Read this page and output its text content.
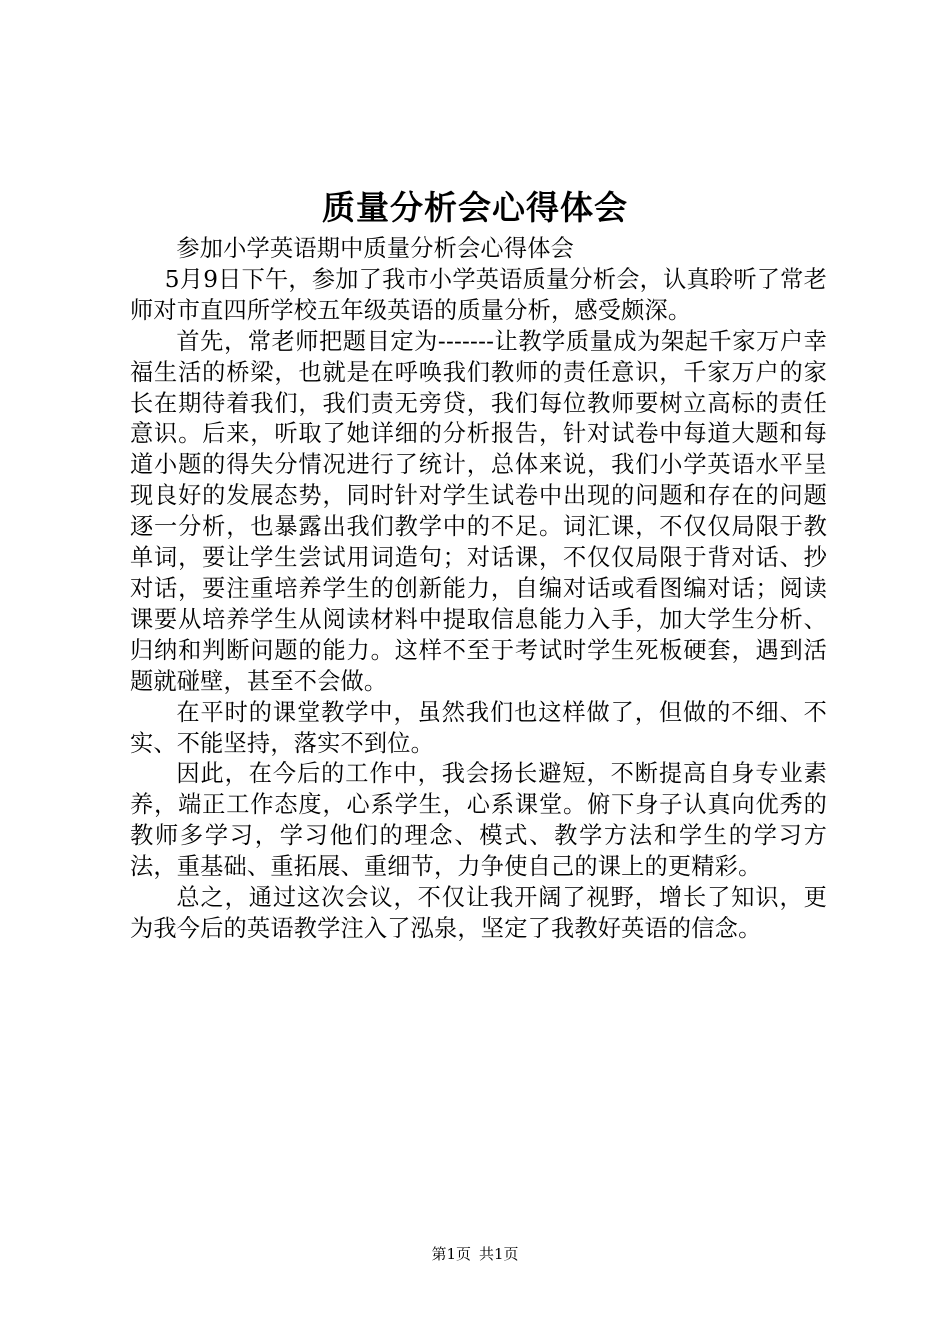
质量分析会心得体会

参加小学英语期中质量分析会心得体会

5月9日下午，参加了我市小学英语质量分析会，认真聆听了常老师对市直四所学校五年级英语的质量分析，感受颇深。

首先，常老师把题目定为-------让教学质量成为架起千家万户幸福生活的桥梁，也就是在呼唤我们教师的责任意识，千家万户的家长在期待着我们，我们责无旁贷，我们每位教师要树立高标的责任意识。后来，听取了她详细的分析报告，针对试卷中每道大题和每道小题的得失分情况进行了统计，总体来说，我们小学英语水平呈现良好的发展态势，同时针对学生试卷中出现的问题和存在的问题逐一分析，也暴露出我们教学中的不足。词汇课，不仅仅局限于教单词，要让学生尝试用词造句；对话课，不仅仅局限于背对话、抄对话，要注重培养学生的创新能力，自编对话或看图编对话；阅读课要从培养学生从阅读材料中提取信息能力入手，加大学生分析、归纳和判断问题的能力。这样不至于考试时学生死板硬套，遇到活题就碰壁，甚至不会做。

在平时的课堂教学中，虽然我们也这样做了，但做的不细、不实、不能坚持，落实不到位。

因此，在今后的工作中，我会扬长避短，不断提高自身专业素养，端正工作态度，心系学生，心系课堂。俯下身子认真向优秀的教师多学习，学习他们的理念、模式、教学方法和学生的学习方法，重基础、重拓展、重细节，力争使自己的课上的更精彩。

总之，通过这次会议，不仅让我开阔了视野，增长了知识，更为我今后的英语教学注入了泓泉，坚定了我教好英语的信念。

第1页 共1页
